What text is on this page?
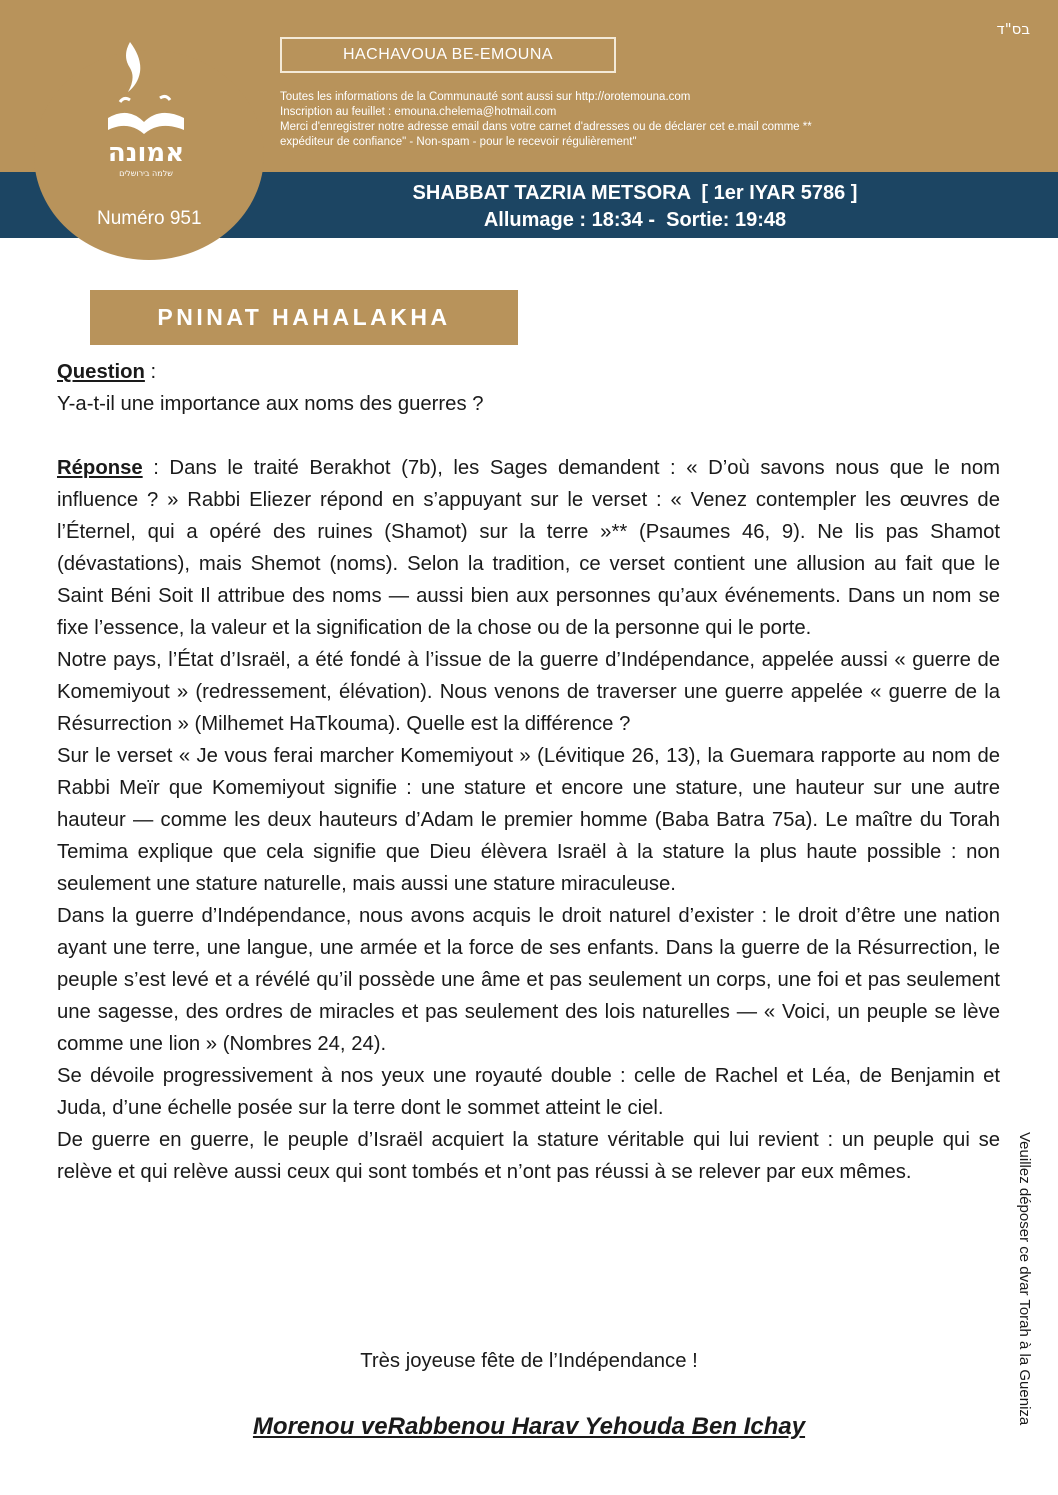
בס"ד
HACHAVOUA BE-EMOUNA
Toutes les informations de la Communauté sont aussi sur http://orotemouna.com
Inscription au feuillet : emouna.chelema@hotmail.com
Merci d'enregistrer notre adresse email dans votre carnet d'adresses ou de déclarer cet e.mail comme **
expéditeur de confiance" - Non-spam - pour le recevoir régulièrement"
SHABBAT TAZRIA METSORA  [ 1er IYAR 5786 ]
Allumage : 18:34 -  Sortie: 19:48
אמונה
שלמה בירושלים
Numéro 951
PNINAT HAHALAKHA

Question :

Y-a-t-il une importance aux noms des guerres ?

Réponse : Dans le traité Berakhot (7b), les Sages demandent : « D’où savons nous que le nom influence ? » Rabbi Eliezer répond en s’appuyant sur le verset : « Venez contempler les œuvres de l’Éternel, qui a opéré des ruines (Shamot) sur la terre »** (Psaumes 46, 9). Ne lis pas Shamot (dévastations), mais Shemot (noms). Selon la tradition, ce verset contient une allusion au fait que le Saint Béni Soit Il attribue des noms — aussi bien aux personnes qu’aux événements. Dans un nom se fixe l’essence, la valeur et la signification de la chose ou de la personne qui le porte.

Notre pays, l’État d’Israël, a été fondé à l’issue de la guerre d’Indépendance, appelée aussi « guerre de Komemiyout » (redressement, élévation). Nous venons de traverser une guerre appelée « guerre de la Résurrection » (Milhemet HaTkouma). Quelle est la différence ?

Sur le verset « Je vous ferai marcher Komemiyout » (Lévitique 26, 13), la Guemara rapporte au nom de Rabbi Meïr que Komemiyout signifie : une stature et encore une stature, une hauteur sur une autre hauteur — comme les deux hauteurs d’Adam le premier homme (Baba Batra 75a). Le maître du Torah Temima explique que cela signifie que Dieu élèvera Israël à la stature la plus haute possible : non seulement une stature naturelle, mais aussi une stature miraculeuse.

Dans la guerre d’Indépendance, nous avons acquis le droit naturel d’exister : le droit d’être une nation ayant une terre, une langue, une armée et la force de ses enfants. Dans la guerre de la Résurrection, le peuple s’est levé et a révélé qu’il possède une âme et pas seulement un corps, une foi et pas seulement une sagesse, des ordres de miracles et pas seulement des lois naturelles — « Voici, un peuple se lève comme une lion » (Nombres 24, 24).

Se dévoile progressivement à nos yeux une royauté double : celle de Rachel et Léa, de Benjamin et Juda, d’une échelle posée sur la terre dont le sommet atteint le ciel.

De guerre en guerre, le peuple d’Israël acquiert la stature véritable qui lui revient : un peuple qui se relève et qui relève aussi ceux qui sont tombés et n’ont pas réussi à se relever par eux mêmes.

Très joyeuse fête de l’Indépendance !
Morenou veRabbenou Harav Yehouda Ben Ichay
Veuillez déposer ce dvar Torah à la Guenizа
